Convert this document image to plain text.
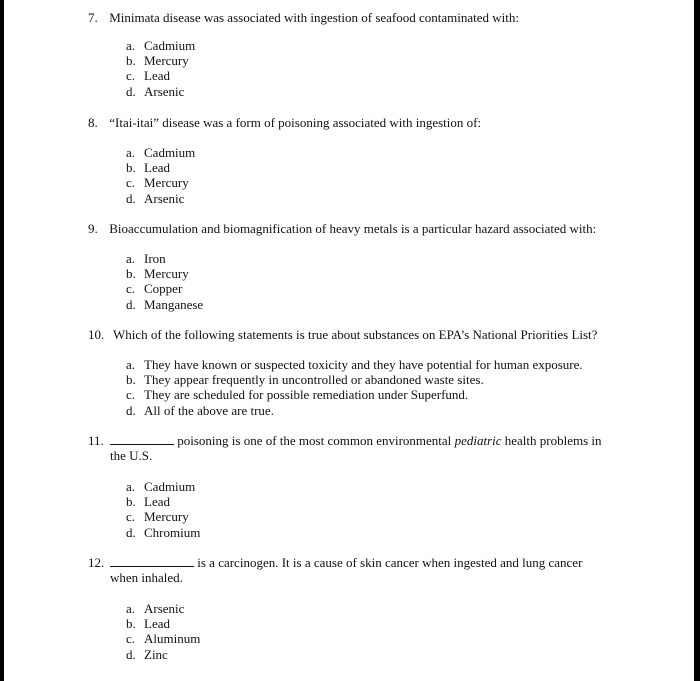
7. Minimata disease was associated with ingestion of seafood contaminated with:
a. Cadmium
b. Mercury
c. Lead
d. Arsenic
8. “Itai-itai” disease was a form of poisoning associated with ingestion of:
a. Cadmium
b. Lead
c. Mercury
d. Arsenic
9. Bioaccumulation and biomagnification of heavy metals is a particular hazard associated with:
a. Iron
b. Mercury
c. Copper
d. Manganese
10. Which of the following statements is true about substances on EPA’s National Priorities List?
a. They have known or suspected toxicity and they have potential for human exposure.
b. They appear frequently in uncontrolled or abandoned waste sites.
c. They are scheduled for possible remediation under Superfund.
d. All of the above are true.
11.	poisoning is one of the most common environmental pediatric health problems in
the U.S.
a. Cadmium
b. Lead
c. Mercury
d. Chromium
12.	is a carcinogen. It is a cause of skin cancer when ingested and lung cancer
when inhaled.
a. Arsenic
b. Lead
c. Aluminum
d. Zinc
